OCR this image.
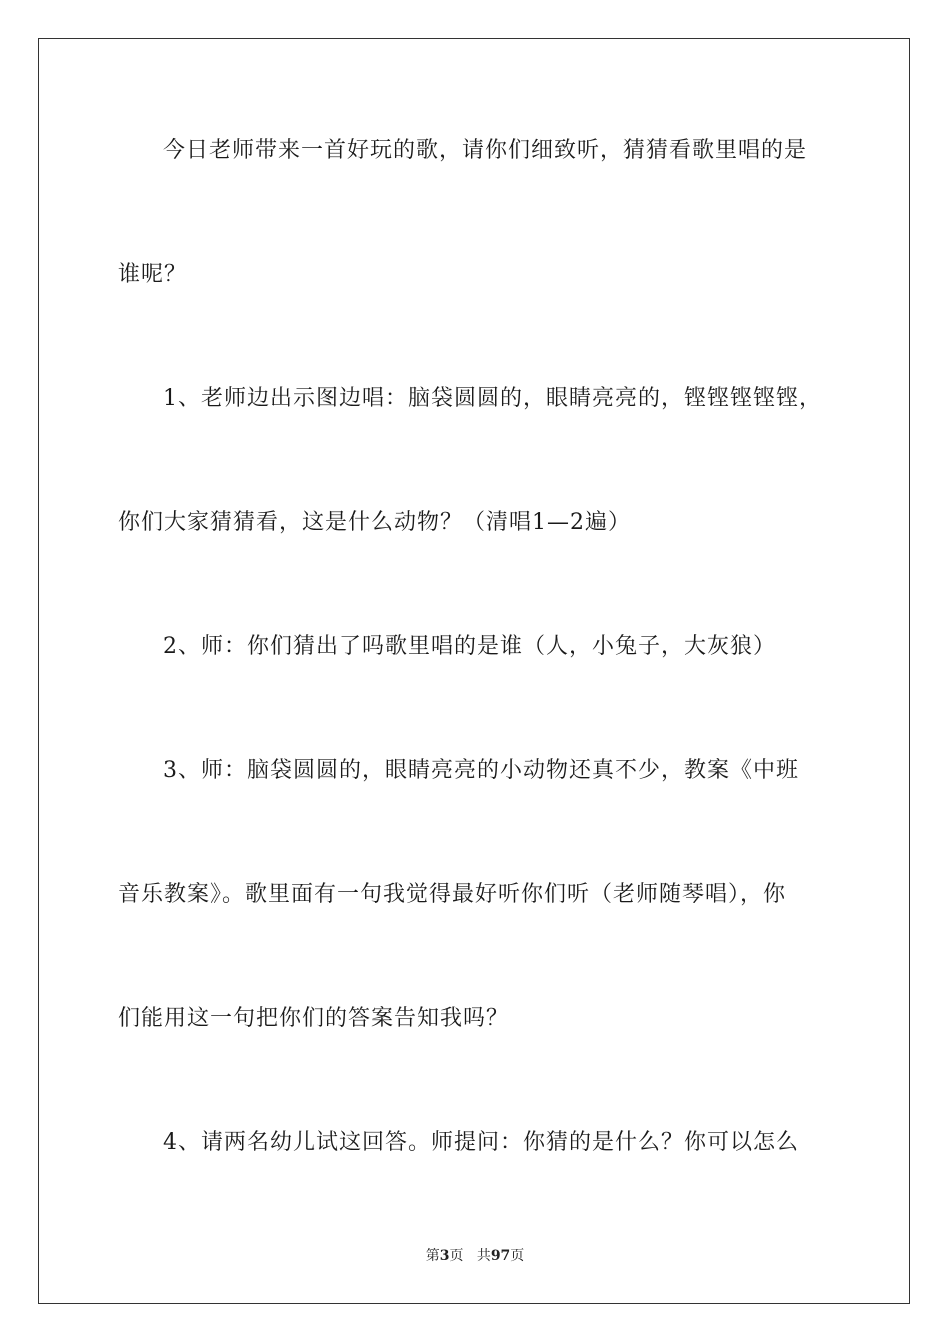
今日老师带来一首好玩的歌，请你们细致听，猜猜看歌里唱的是
谁呢？
1、老师边出示图边唱：脑袋圆圆的，眼睛亮亮的，铿铿铿铿铿，
你们大家猜猜看，这是什么动物？（清唱1—2遍）
2、师：你们猜出了吗歌里唱的是谁（人，小兔子，大灰狼）
3、师：脑袋圆圆的，眼睛亮亮的小动物还真不少，教案《中班
音乐教案》。歌里面有一句我觉得最好听你们听（老师随琴唱），你
们能用这一句把你们的答案告知我吗？
4、请两名幼儿试这回答。师提问：你猜的是什么？你可以怎么
第3页 共97页
